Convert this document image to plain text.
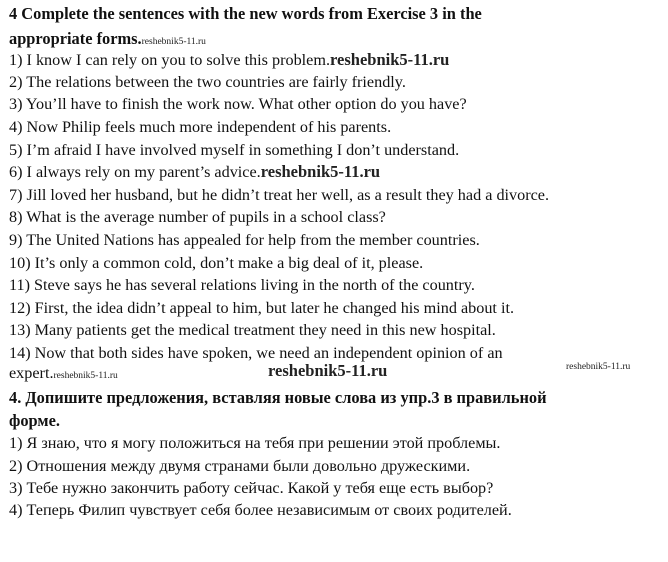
4 Complete the sentences with the new words from Exercise 3 in the
appropriate forms.reshebnik5-11.ru
1) I know I can rely on you to solve this problem.reshebnik5-11.ru
2) The relations between the two countries are fairly friendly.
3) You’ll have to finish the work now. What other option do you have?
4) Now Philip feels much more independent of his parents.
5) I’m afraid I have involved myself in something I don’t understand.
6) I always rely on my parent’s advice.reshebnik5-11.ru
7) Jill loved her husband, but he didn’t treat her well, as a result they had a divorce.
8) What is the average number of pupils in a school class?
9) The United Nations has appealed for help from the member countries.
10) It’s only a common cold, don’t make a big deal of it, please.
11) Steve says he has several relations living in the north of the country.
12) First, the idea didn’t appeal to him, but later he changed his mind about it.
13) Many patients get the medical treatment they need in this new hospital.
14) Now that both sides have spoken, we need an independent opinion of an
expert.reshebnik5-11.ru	reshebnik5-11.ru	reshebnik5-11.ru
4. Допишите предложения, вставляя новые слова из упр.3 в правильной
форме.
1) Я знаю, что я могу положиться на тебя при решении этой проблемы.
2) Отношения между двумя странами были довольно дружескими.
3) Тебе нужно закончить работу сейчас. Какой у тебя еще есть выбор?
4) Теперь Филип чувствует себя более независимым от своих родителей.
